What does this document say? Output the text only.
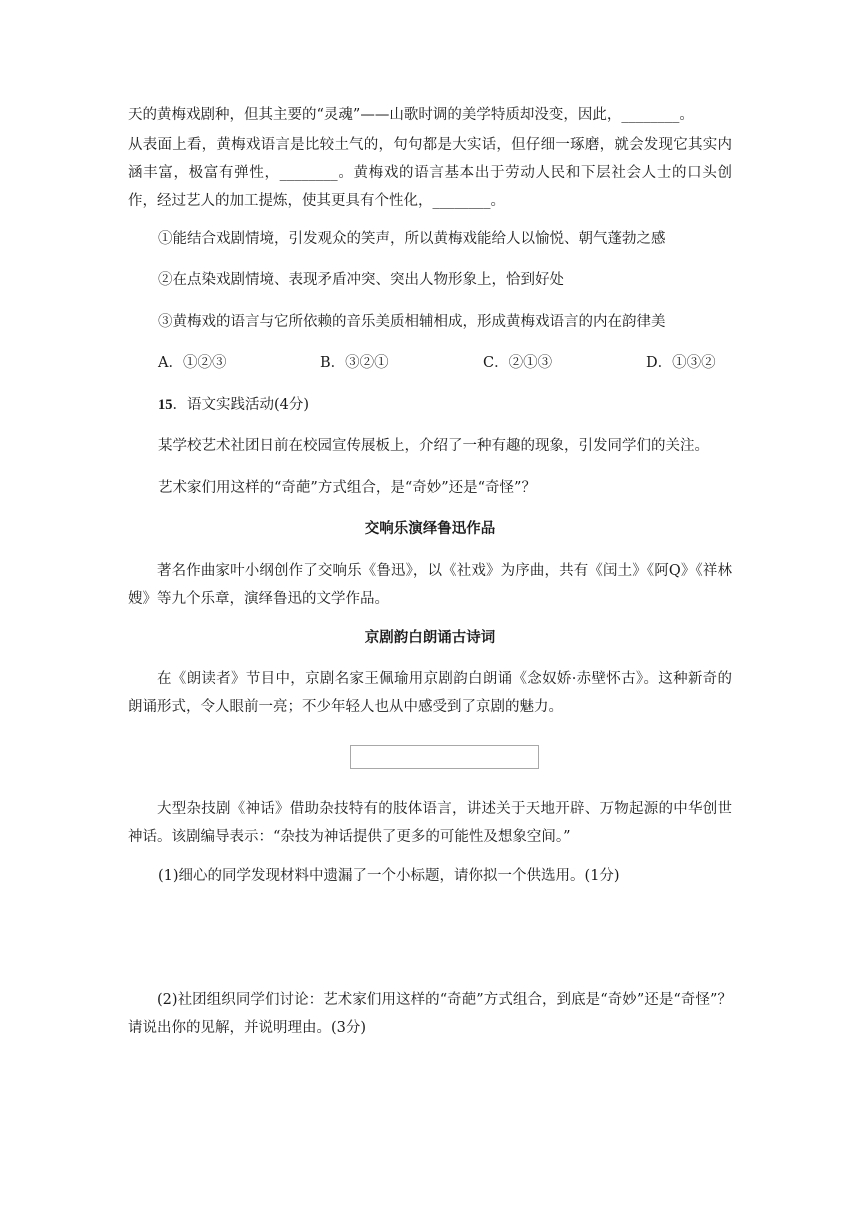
天的黄梅戏剧种，但其主要的“灵魂”——山歌时调的美学特质却没变，因此，________。

从表面上看，黄梅戏语言是比较土气的，句句都是大实话，但仔细一琢磨，就会发现它其实内涵丰富，极富有弹性，________。黄梅戏的语言基本出于劳动人民和下层社会人士的口头创作，经过艺人的加工提炼，使其更具有个性化，________。

①能结合戏剧情境，引发观众的笑声，所以黄梅戏能给人以愉悦、朝气蓬勃之感

②在点染戏剧情境、表现矛盾冲突、突出人物形象上，恰到好处

③黄梅戏的语言与它所依赖的音乐美质相辅相成，形成黄梅戏语言的内在韵律美

A．①②③	B．③②①	C．②①③	D．①③②

15．语文实践活动(4分)

某学校艺术社团日前在校园宣传展板上，介绍了一种有趣的现象，引发同学们的关注。

艺术家们用这样的“奇葩”方式组合，是“奇妙”还是“奇怪”？

交响乐演绎鲁迅作品

著名作曲家叶小纲创作了交响乐《鲁迅》，以《社戏》为序曲，共有《闰土》《阿Q》《祥林嫂》等九个乐章，演绎鲁迅的文学作品。

京剧韵白朗诵古诗词

在《朗读者》节目中，京剧名家王佩瑜用京剧韵白朗诵《念奴娇·赤壁怀古》。这种新奇的朗诵形式，令人眼前一亮；不少年轻人也从中感受到了京剧的魅力。

大型杂技剧《神话》借助杂技特有的肢体语言，讲述关于天地开辟、万物起源的中华创世神话。该剧编导表示：“杂技为神话提供了更多的可能性及想象空间。”

(1)细心的同学发现材料中遗漏了一个小标题，请你拟一个供选用。(1分)

(2)社团组织同学们讨论：艺术家们用这样的“奇葩”方式组合，到底是“奇妙”还是“奇怪”？请说出你的见解，并说明理由。(3分)
